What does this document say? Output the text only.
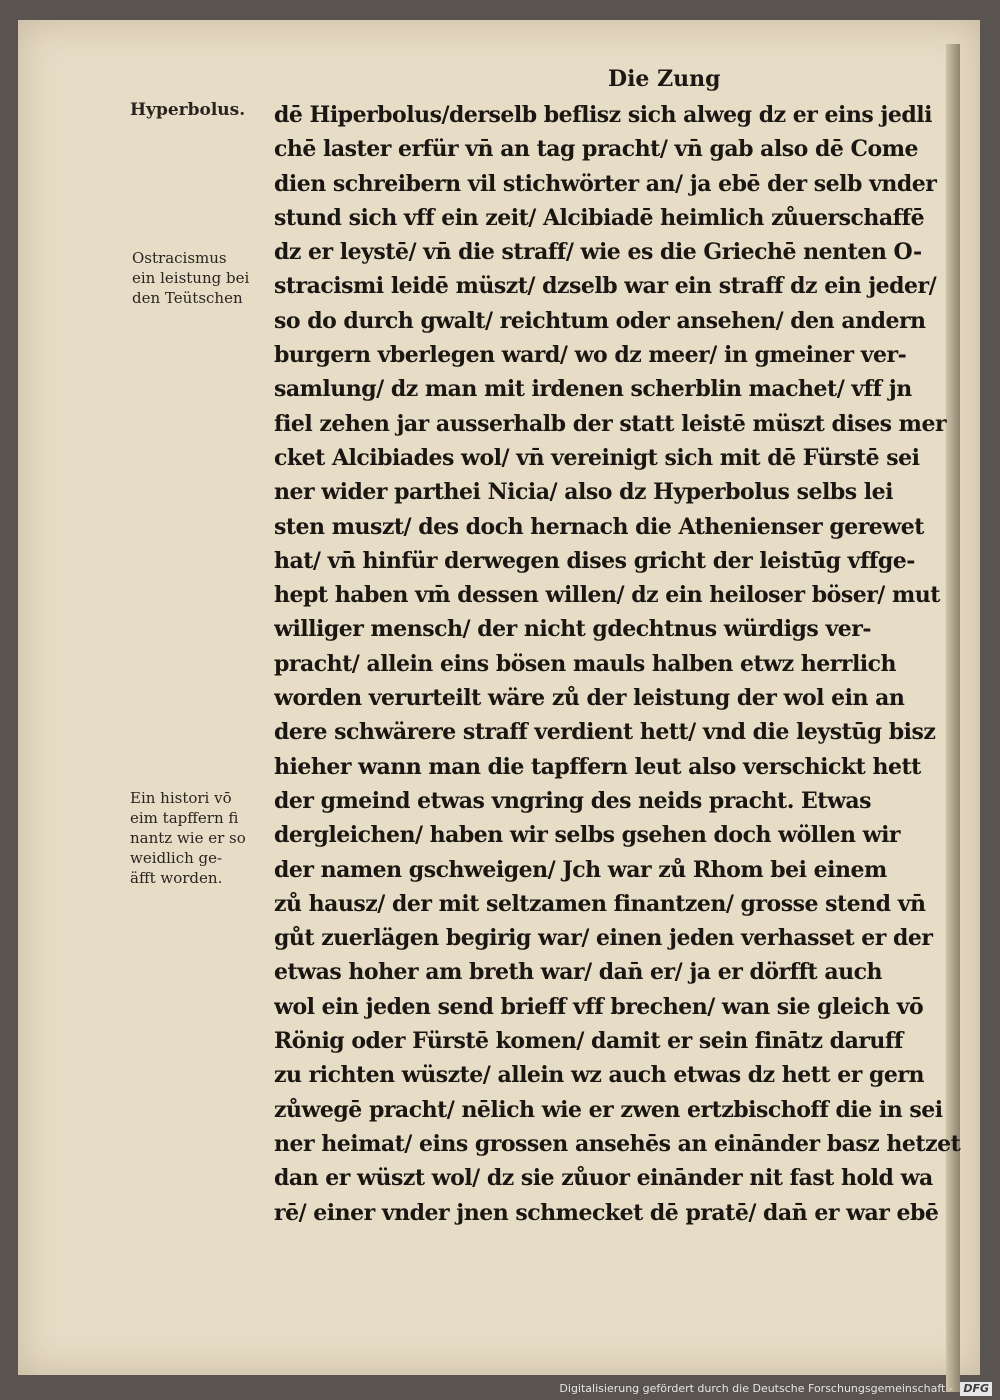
Die Zung

Hyperbolus.

Ostracismus
ein leistung bei
den Teütschen

Ein histori vō
eim tapffern fi
nantz wie er so
weidlich ge-
äfft worden.

dē Hiperbolus/derselb beflisz sich alweg dz er eins jedli
chē laster erfür vn̄ an tag pracht/ vn̄ gab also dē Come
dien schreibern vil stichwörter an/ ja ebē der selb vnder
stund sich vff ein zeit/ Alcibiadē heimlich zůuerschaffē
dz er leystē/ vn̄ die straff/ wie es die Griechē nenten O-
stracismi leidē müszt/ dzselb war ein straff dz ein jeder/
so do durch gwalt/ reichtum oder ansehen/ den andern
burgern vberlegen ward/ wo dz meer/ in gmeiner ver-
samlung/ dz man mit irdenen scherblin machet/ vff jn
fiel zehen jar ausserhalb der statt leistē müszt dises mer
cket Alcibiades wol/ vn̄ vereinigt sich mit dē Fürstē sei
ner wider parthei Nicia/ also dz Hyperbolus selbs lei
sten muszt/ des doch hernach die Athenienser gerewet
hat/ vn̄ hinfür derwegen dises gricht der leistūg vffge-
hept haben vm̄ dessen willen/ dz ein heiloser böser/ mut
williger mensch/ der nicht gdechtnus würdigs ver-
pracht/ allein eins bösen mauls halben etwz herrlich
worden verurteilt wäre zů der leistung der wol ein an
dere schwärere straff verdient hett/ vnd die leystūg bisz
hieher wann man die tapffern leut also verschickt hett
der gmeind etwas vngring des neids pracht. Etwas
dergleichen/ haben wir selbs gsehen doch wöllen wir
der namen gschweigen/ Jch war zů Rhom bei einem
zů hausz/ der mit seltzamen finantzen/ grosse stend vn̄
gůt zuerlägen begirig war/ einen jeden verhasset er der
etwas hoher am breth war/ dan̄ er/ ja er dörfft auch
wol ein jeden send brieff vff brechen/ wan sie gleich vō
Rönig oder Fürstē komen/ damit er sein finātz daruff
zu richten wüszte/ allein wz auch etwas dz hett er gern
zůwegē pracht/ nēlich wie er zwen ertzbischoff die in sei
ner heimat/ eins grossen ansehēs an einānder basz hetzet
dan er wüszt wol/ dz sie zůuor einānder nit fast hold wa
rē/ einer vnder jnen schmecket dē pratē/ dan̄ er war ebē

Digitalisierung gefördert durch die Deutsche Forschungsgemeinschaft - DFG
